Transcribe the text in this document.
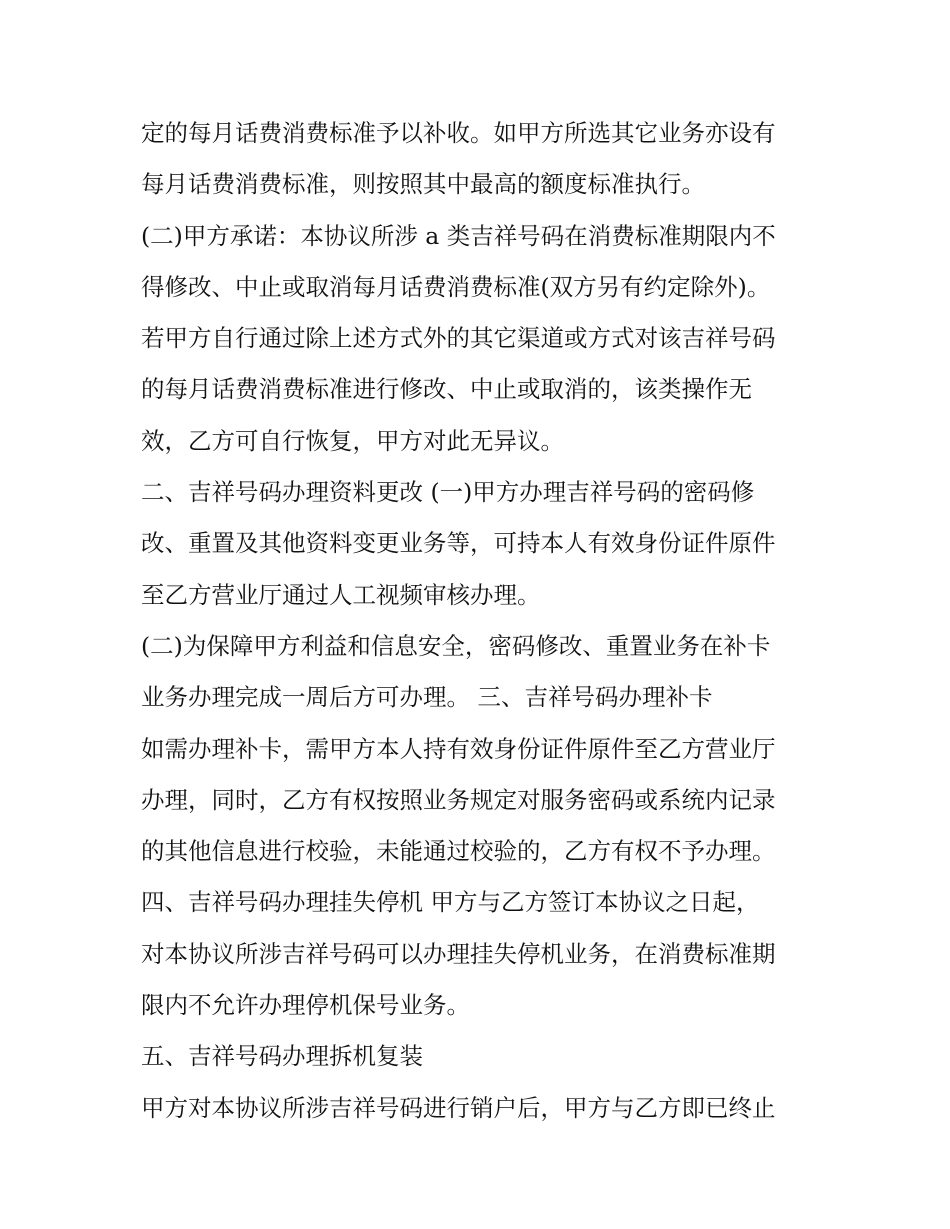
定的每月话费消费标准予以补收。如甲方所选其它业务亦设有
每月话费消费标准，则按照其中最高的额度标准执行。
(二)甲方承诺：本协议所涉 a 类吉祥号码在消费标准期限内不
得修改、中止或取消每月话费消费标准(双方另有约定除外)。
若甲方自行通过除上述方式外的其它渠道或方式对该吉祥号码
的每月话费消费标准进行修改、中止或取消的，该类操作无
效，乙方可自行恢复，甲方对此无异议。
二、吉祥号码办理资料更改 (一)甲方办理吉祥号码的密码修
改、重置及其他资料变更业务等，可持本人有效身份证件原件
至乙方营业厅通过人工视频审核办理。
(二)为保障甲方利益和信息安全，密码修改、重置业务在补卡
业务办理完成一周后方可办理。 三、吉祥号码办理补卡
如需办理补卡，需甲方本人持有效身份证件原件至乙方营业厅
办理，同时，乙方有权按照业务规定对服务密码或系统内记录
的其他信息进行校验，未能通过校验的，乙方有权不予办理。
四、吉祥号码办理挂失停机 甲方与乙方签订本协议之日起，
对本协议所涉吉祥号码可以办理挂失停机业务，在消费标准期
限内不允许办理停机保号业务。
五、吉祥号码办理拆机复装
甲方对本协议所涉吉祥号码进行销户后，甲方与乙方即已终止
